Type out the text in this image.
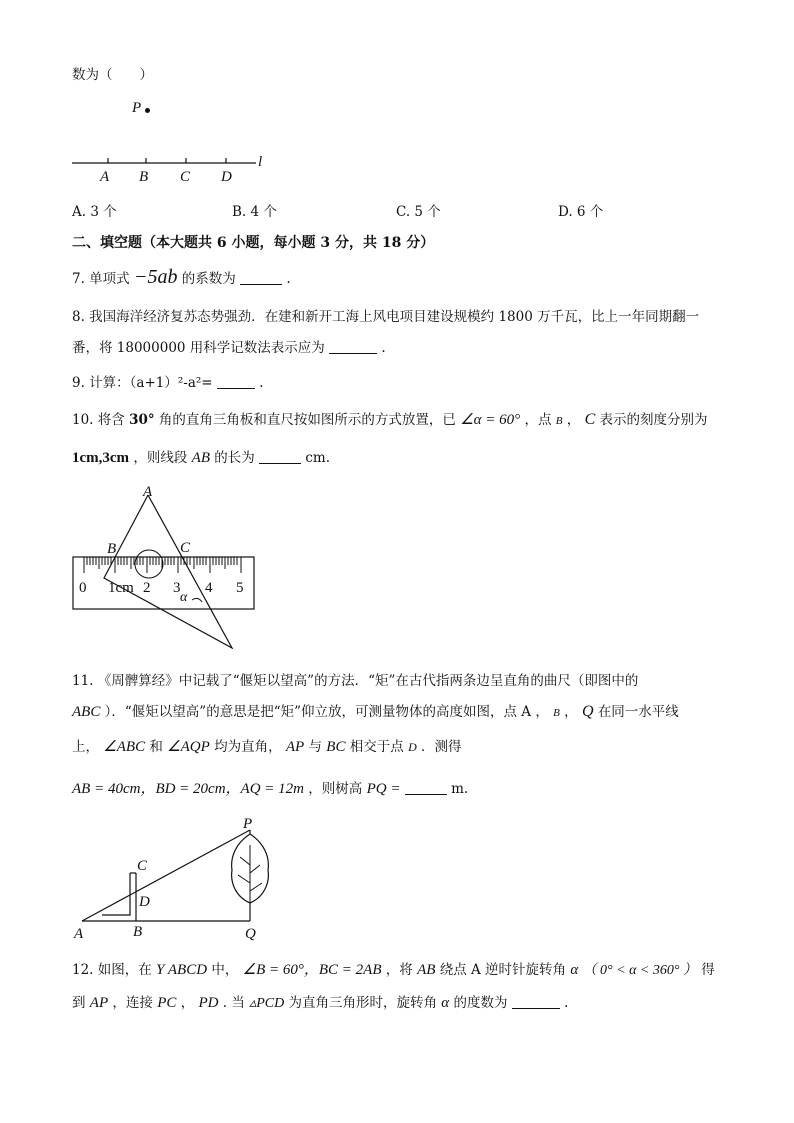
数为（　　）
P
l
A B C D
A. 3 个	B. 4 个	C. 5 个	D. 6 个
二、填空题（本大题共 6 小题，每小题 3 分，共 18 分）
7. 单项式 −5ab 的系数为	.
8. 我国海洋经济复苏态势强劲．在建和新开工海上风电项目建设规模约 1800 万千瓦，比上一年同期翻一
番，将 18000000 用科学记数法表示应为	.
9. 计算：（a+1）²-a²=	.
10. 将含 30° 角的直角三角板和直尺按如图所示的方式放置，已 ∠α = 60° ，点 B ， C 表示的刻度分别为
1cm,3cm ，则线段 AB 的长为	cm.
A
B	C
α
0 1cm 2 3 4 5
11. 《周髀算经》中记载了“偃矩以望高”的方法．“矩”在古代指两条边呈直角的曲尺（即图中的
ABC ）．“偃矩以望高”的意思是把“矩”仰立放，可测量物体的高度如图，点 A ， B ， Q 在同一水平线
上， ∠ABC 和 ∠AQP 均为直角， AP 与 BC 相交于点 D ．测得
AB = 40cm，BD = 20cm，AQ = 12m ，则树高 PQ =	m.
P
C
D
A	B	Q
12. 如图，在 Y ABCD 中， ∠B = 60°，BC = 2AB ，将 AB 绕点 A 逆时针旋转角 α （ 0° < α < 360° ） 得
到 AP ，连接 PC ， PD . 当 ▵PCD 为直角三角形时，旋转角 α 的度数为	.
